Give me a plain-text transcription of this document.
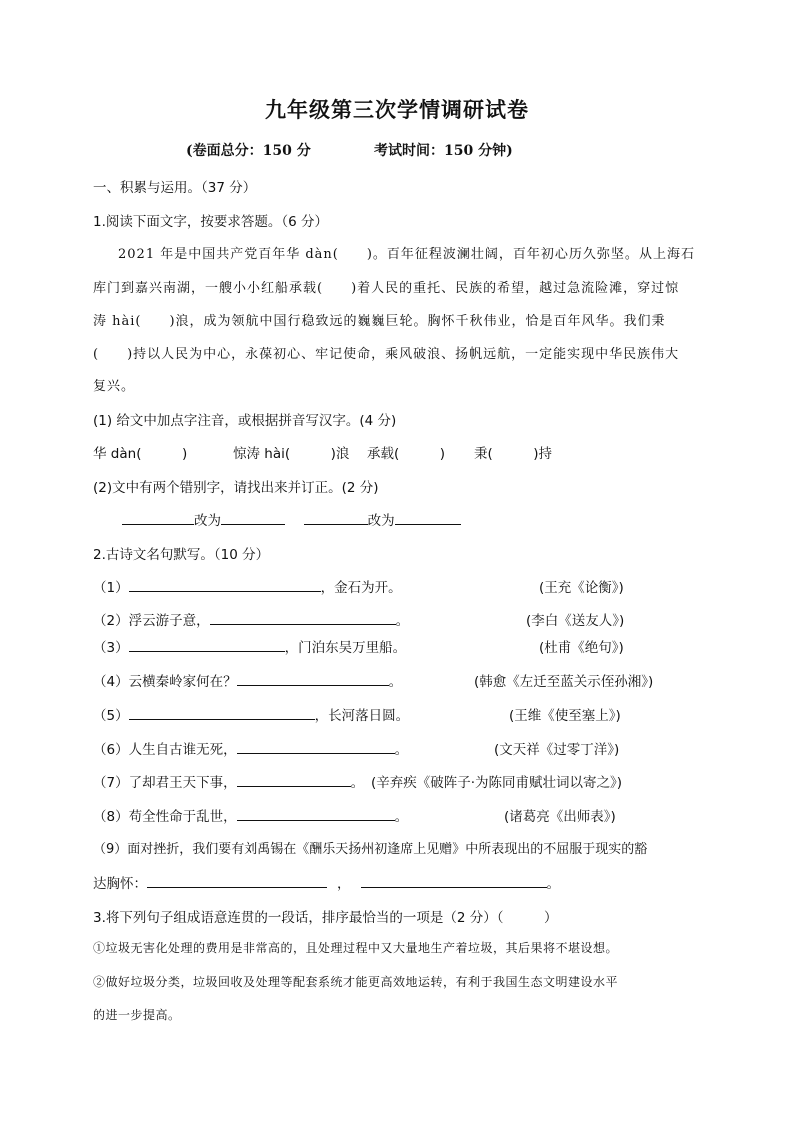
九年级第三次学情调研试卷
(卷面总分：150 分	考试时间：150 分钟)
一、积累与运用。（37 分）
1.阅读下面文字，按要求答题。（6 分）
2021 年是中国共产党百年华 dàn(　　)。百年征程波澜壮阔，百年初心历久弥坚。从上海石
库门到嘉兴南湖，一艘小小红船承载(　　)着人民的重托、民族的希望，越过急流险滩，穿过惊
涛 hài(　　)浪，成为领航中国行稳致远的巍巍巨轮。胸怀千秋伟业，恰是百年风华。我们秉
(　　)持以人民为中心，永葆初心、牢记使命，乘风破浪、扬帆远航，一定能实现中华民族伟大
复兴。
(1) 给文中加点字注音，或根据拼音写汉字。(4 分)
华 dàn(　　　)	惊涛 hài(　　　)浪 承载(　　　) 秉(　　　)持
(2)文中有两个错别字，请找出来并订正。(2 分)
改为	改为
2.古诗文名句默写。（10 分）
（1）	，金石为开。	(王充《论衡》)
（2）浮云游子意，	。	(李白《送友人》)
（3）	，门泊东吴万里船。	(杜甫《绝句》)
（4）云横秦岭家何在？	。	(韩愈《左迁至蓝关示侄孙湘》)
（5）	，长河落日圆。	(王维《使至塞上》)
（6）人生自古谁无死，	。	(文天祥《过零丁洋》)
（7）了却君王天下事，	。 (辛弃疾《破阵子·为陈同甫赋壮词以寄之》)
（8）苟全性命于乱世，	。	(诸葛亮《出师表》)
（9）面对挫折，我们要有刘禹锡在《酬乐天扬州初逢席上见赠》中所表现出的不屈服于现实的豁
达胸怀：	，	。
3.将下列句子组成语意连贯的一段话，排序最恰当的一项是（2 分）（　　　）
①垃圾无害化处理的费用是非常高的，且处理过程中又大量地生产着垃圾，其后果将不堪设想。
②做好垃圾分类，垃圾回收及处理等配套系统才能更高效地运转，有利于我国生态文明建设水平
的进一步提高。
